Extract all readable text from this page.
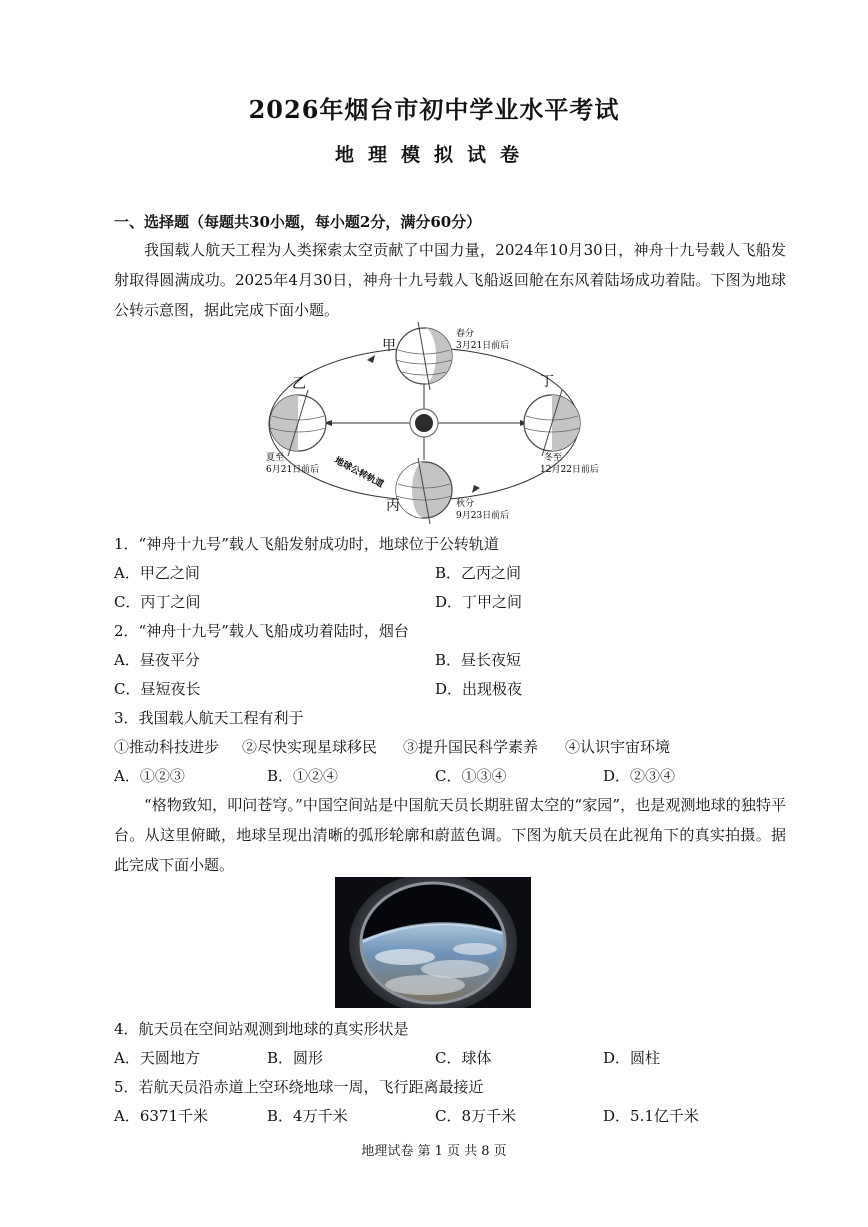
2026年烟台市初中学业水平考试
地理模拟试卷
一、选择题（每题共30小题，每小题2分，满分60分）
我国载人航天工程为人类探索太空贡献了中国力量，2024年10月30日，神舟十九号载人飞船发射取得圆满成功。2025年4月30日，神舟十九号载人飞船返回舱在东风着陆场成功着陆。下图为地球公转示意图，据此完成下面小题。
甲
乙
丙
丁
春分
3月21日前后
夏至
6月21日前后
秋分
9月23日前后
冬至
12月22日前后
地球公转轨道
1．“神舟十九号”载人飞船发射成功时，地球位于公转轨道
A．甲乙之间	B．乙丙之间
C．丙丁之间	D．丁甲之间
2．“神舟十九号”载人飞船成功着陆时，烟台
A．昼夜平分	B．昼长夜短
C．昼短夜长	D．出现极夜
3．我国载人航天工程有利于
①推动科技进步 ②尽快实现星球移民 ③提升国民科学素养 ④认识宇宙环境
A．①②③	B．①②④	C．①③④	D．②③④
“格物致知，叩问苍穹。”中国空间站是中国航天员长期驻留太空的“家园”，也是观测地球的独特平台。从这里俯瞰，地球呈现出清晰的弧形轮廓和蔚蓝色调。下图为航天员在此视角下的真实拍摄。据此完成下面小题。
4．航天员在空间站观测到地球的真实形状是
A．天圆地方	B．圆形	C．球体	D．圆柱
5．若航天员沿赤道上空环绕地球一周，飞行距离最接近
A．6371千米	B．4万千米	C．8万千米	D．5.1亿千米
地理试卷 第 1 页 共 8 页
